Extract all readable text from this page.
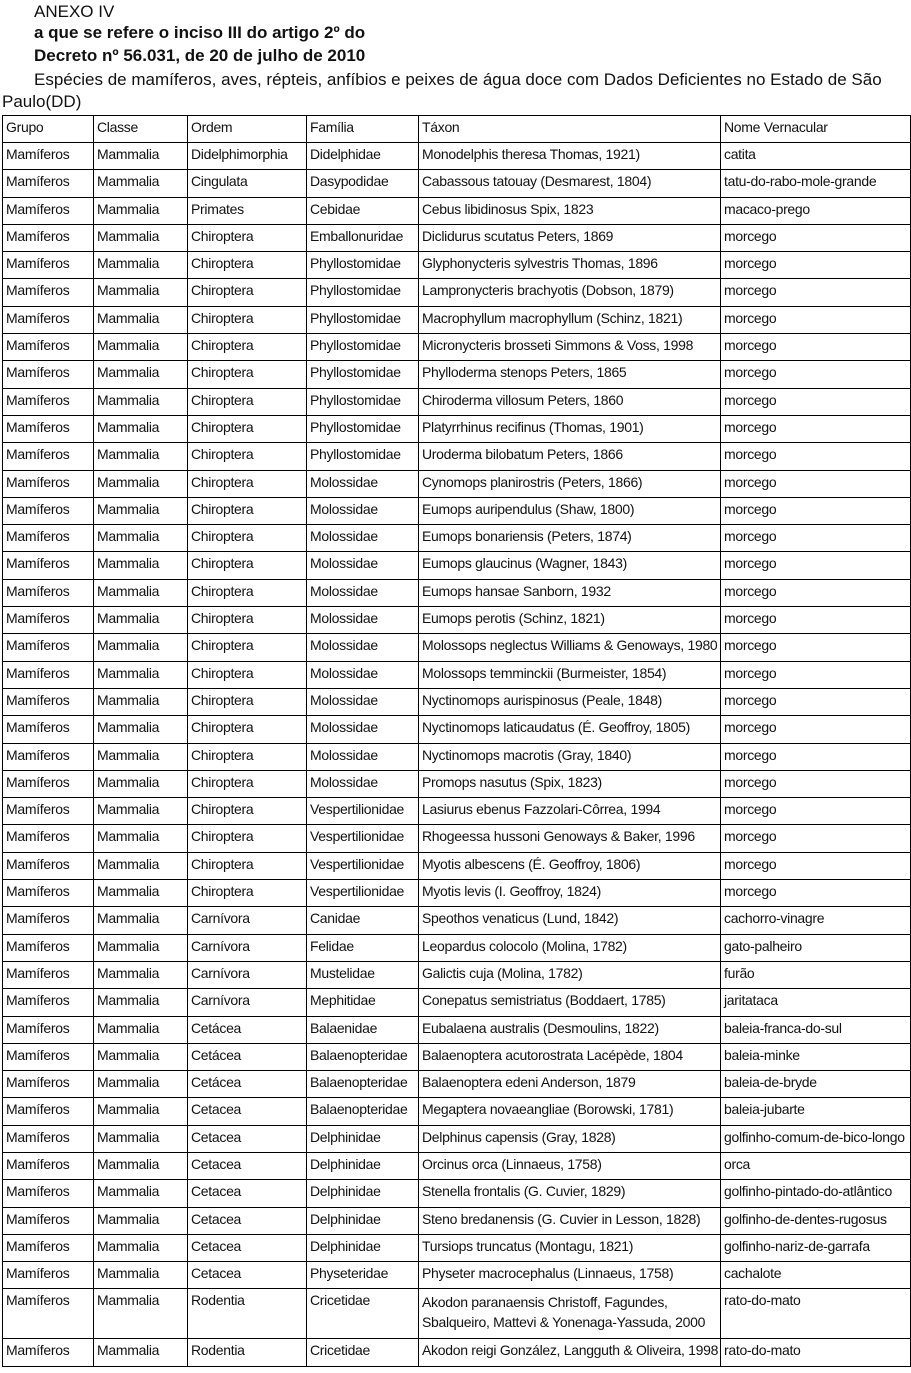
ANEXO IV
a que se refere o inciso III do artigo 2º do
Decreto nº 56.031, de 20 de julho de 2010
Espécies de mamíferos, aves, répteis, anfíbios e peixes de água doce com Dados Deficientes no Estado de São
Paulo(DD)
Grupo	Classe	Ordem	Família	Táxon	Nome Vernacular
Mamíferos	Mammalia	Didelphimorphia	Didelphidae	Monodelphis theresa Thomas, 1921)	catita
Mamíferos	Mammalia	Cingulata	Dasypodidae	Cabassous tatouay (Desmarest, 1804)	tatu-do-rabo-mole-grande
Mamíferos	Mammalia	Primates	Cebidae	Cebus libidinosus Spix, 1823	macaco-prego
Mamíferos	Mammalia	Chiroptera	Emballonuridae	Diclidurus scutatus Peters, 1869	morcego
Mamíferos	Mammalia	Chiroptera	Phyllostomidae	Glyphonycteris sylvestris Thomas, 1896	morcego
Mamíferos	Mammalia	Chiroptera	Phyllostomidae	Lampronycteris brachyotis (Dobson, 1879)	morcego
Mamíferos	Mammalia	Chiroptera	Phyllostomidae	Macrophyllum macrophyllum (Schinz, 1821)	morcego
Mamíferos	Mammalia	Chiroptera	Phyllostomidae	Micronycteris brosseti Simmons & Voss, 1998	morcego
Mamíferos	Mammalia	Chiroptera	Phyllostomidae	Phylloderma stenops Peters, 1865	morcego
Mamíferos	Mammalia	Chiroptera	Phyllostomidae	Chiroderma villosum Peters, 1860	morcego
Mamíferos	Mammalia	Chiroptera	Phyllostomidae	Platyrrhinus recifinus (Thomas, 1901)	morcego
Mamíferos	Mammalia	Chiroptera	Phyllostomidae	Uroderma bilobatum Peters, 1866	morcego
Mamíferos	Mammalia	Chiroptera	Molossidae	Cynomops planirostris (Peters, 1866)	morcego
Mamíferos	Mammalia	Chiroptera	Molossidae	Eumops auripendulus (Shaw, 1800)	morcego
Mamíferos	Mammalia	Chiroptera	Molossidae	Eumops bonariensis (Peters, 1874)	morcego
Mamíferos	Mammalia	Chiroptera	Molossidae	Eumops glaucinus (Wagner, 1843)	morcego
Mamíferos	Mammalia	Chiroptera	Molossidae	Eumops hansae Sanborn, 1932	morcego
Mamíferos	Mammalia	Chiroptera	Molossidae	Eumops perotis (Schinz, 1821)	morcego
Mamíferos	Mammalia	Chiroptera	Molossidae	Molossops neglectus Williams & Genoways, 1980	morcego
Mamíferos	Mammalia	Chiroptera	Molossidae	Molossops temminckii (Burmeister, 1854)	morcego
Mamíferos	Mammalia	Chiroptera	Molossidae	Nyctinomops aurispinosus (Peale, 1848)	morcego
Mamíferos	Mammalia	Chiroptera	Molossidae	Nyctinomops laticaudatus (É. Geoffroy, 1805)	morcego
Mamíferos	Mammalia	Chiroptera	Molossidae	Nyctinomops macrotis (Gray, 1840)	morcego
Mamíferos	Mammalia	Chiroptera	Molossidae	Promops nasutus (Spix, 1823)	morcego
Mamíferos	Mammalia	Chiroptera	Vespertilionidae	Lasiurus ebenus Fazzolari-Côrrea, 1994	morcego
Mamíferos	Mammalia	Chiroptera	Vespertilionidae	Rhogeessa hussoni Genoways & Baker, 1996	morcego
Mamíferos	Mammalia	Chiroptera	Vespertilionidae	Myotis albescens (É. Geoffroy, 1806)	morcego
Mamíferos	Mammalia	Chiroptera	Vespertilionidae	Myotis levis (I. Geoffroy, 1824)	morcego
Mamíferos	Mammalia	Carnívora	Canidae	Speothos venaticus (Lund, 1842)	cachorro-vinagre
Mamíferos	Mammalia	Carnívora	Felidae	Leopardus colocolo (Molina, 1782)	gato-palheiro
Mamíferos	Mammalia	Carnívora	Mustelidae	Galictis cuja (Molina, 1782)	furão
Mamíferos	Mammalia	Carnívora	Mephitidae	Conepatus semistriatus (Boddaert, 1785)	jaritataca
Mamíferos	Mammalia	Cetácea	Balaenidae	Eubalaena australis (Desmoulins, 1822)	baleia-franca-do-sul
Mamíferos	Mammalia	Cetácea	Balaenopteridae	Balaenoptera acutorostrata Lacépède, 1804	baleia-minke
Mamíferos	Mammalia	Cetácea	Balaenopteridae	Balaenoptera edeni Anderson, 1879	baleia-de-bryde
Mamíferos	Mammalia	Cetacea	Balaenopteridae	Megaptera novaeangliae (Borowski, 1781)	baleia-jubarte
Mamíferos	Mammalia	Cetacea	Delphinidae	Delphinus capensis (Gray, 1828)	golfinho-comum-de-bico-longo
Mamíferos	Mammalia	Cetacea	Delphinidae	Orcinus orca (Linnaeus, 1758)	orca
Mamíferos	Mammalia	Cetacea	Delphinidae	Stenella frontalis (G. Cuvier, 1829)	golfinho-pintado-do-atlântico
Mamíferos	Mammalia	Cetacea	Delphinidae	Steno bredanensis (G. Cuvier in Lesson, 1828)	golfinho-de-dentes-rugosus
Mamíferos	Mammalia	Cetacea	Delphinidae	Tursiops truncatus (Montagu, 1821)	golfinho-nariz-de-garrafa
Mamíferos	Mammalia	Cetacea	Physeteridae	Physeter macrocephalus (Linnaeus, 1758)	cachalote
Mamíferos	Mammalia	Rodentia	Cricetidae	Akodon paranaensis Christoff, Fagundes, Sbalqueiro, Mattevi & Yonenaga-Yassuda, 2000	rato-do-mato
Mamíferos	Mammalia	Rodentia	Cricetidae	Akodon reigi González, Langguth & Oliveira, 1998	rato-do-mato
